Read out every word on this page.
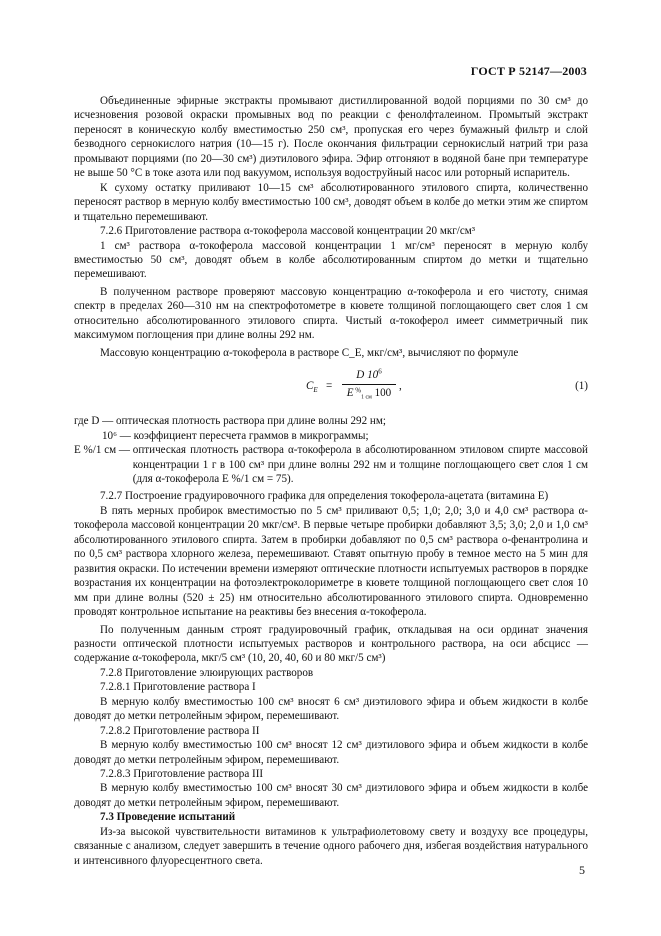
ГОСТ Р 52147—2003

Объединенные эфирные экстракты промывают дистиллированной водой порциями по 30 см³ до исчезновения розовой окраски промывных вод по реакции с фенолфталеином. Промытый экстракт переносят в коническую колбу вместимостью 250 см³, пропуская его через бумажный фильтр и слой безводного сернокислого натрия (10—15 г). После окончания фильтрации сернокислый натрий три раза промывают порциями (по 20—30 см³) диэтилового эфира. Эфир отгоняют в водяной бане при температуре не выше 50 °С в токе азота или под вакуумом, используя водоструйный насос или роторный испаритель.

К сухому остатку приливают 10—15 см³ абсолютированного этилового спирта, количественно переносят раствор в мерную колбу вместимостью 100 см³, доводят объем в колбе до метки этим же спиртом и тщательно перемешивают.

7.2.6 Приготовление раствора α-токоферола массовой концентрации 20 мкг/см³

1 см³ раствора α-токоферола массовой концентрации 1 мг/см³ переносят в мерную колбу вместимостью 50 см³, доводят объем в колбе абсолютированным спиртом до метки и тщательно перемешивают.

В полученном растворе проверяют массовую концентрацию α-токоферола и его чистоту, снимая спектр в пределах 260—310 нм на спектрофотометре в кювете толщиной поглощающего свет слоя 1 см относительно абсолютированного этилового спирта. Чистый α-токоферол имеет симметричный пик максимумом поглощения при длине волны 292 нм.

Массовую концентрацию α-токоферола в растворе C_E, мкг/см³, вычисляют по формуле

$C_E$ =
D $10^6$
E %$_{1 см}$ 100
,	(1)
где D —
оптическая плотность раствора при длине волны 292 нм;
10⁶ —
коэффициент пересчета граммов в микрограммы;
E %/1 см —
оптическая плотность раствора α-токоферола в абсолютированном этиловом спирте массовой концентрации 1 г в 100 см³ при длине волны 292 нм и толщине поглощающего свет слоя 1 см (для α-токоферола E %/1 см = 75).

7.2.7 Построение градуировочного графика для определения токоферола-ацетата (витамина Е)

В пять мерных пробирок вместимостью по 5 см³ приливают 0,5; 1,0; 2,0; 3,0 и 4,0 см³ раствора α-токоферола массовой концентрации 20 мкг/см³. В первые четыре пробирки добавляют 3,5; 3,0; 2,0 и 1,0 см³ абсолютированного этилового спирта. Затем в пробирки добавляют по 0,5 см³ раствора о-фенантролина и по 0,5 см³ раствора хлорного железа, перемешивают. Ставят опытную пробу в темное место на 5 мин для развития окраски. По истечении времени измеряют оптические плотности испытуемых растворов в порядке возрастания их концентрации на фотоэлектроколориметре в кювете толщиной поглощающего свет слоя 10 мм при длине волны (520 ± 25) нм относительно абсолютированного этилового спирта. Одновременно проводят контрольное испытание на реактивы без внесения α-токоферола.

По полученным данным строят градуировочный график, откладывая на оси ординат значения разности оптической плотности испытуемых растворов и контрольного раствора, на оси абсцисс — содержание α-токоферола, мкг/5 см³ (10, 20, 40, 60 и 80 мкг/5 см³)

7.2.8 Приготовление элюирующих растворов

7.2.8.1 Приготовление раствора I

В мерную колбу вместимостью 100 см³ вносят 6 см³ диэтилового эфира и объем жидкости в колбе доводят до метки петролейным эфиром, перемешивают.

7.2.8.2 Приготовление раствора II

В мерную колбу вместимостью 100 см³ вносят 12 см³ диэтилового эфира и объем жидкости в колбе доводят до метки петролейным эфиром, перемешивают.

7.2.8.3 Приготовление раствора III

В мерную колбу вместимостью 100 см³ вносят 30 см³ диэтилового эфира и объем жидкости в колбе доводят до метки петролейным эфиром, перемешивают.

7.3 Проведение испытаний

Из-за высокой чувствительности витаминов к ультрафиолетовому свету и воздуху все процедуры, связанные с анализом, следует завершить в течение одного рабочего дня, избегая воздействия натурального и интенсивного флуоресцентного света.

5
